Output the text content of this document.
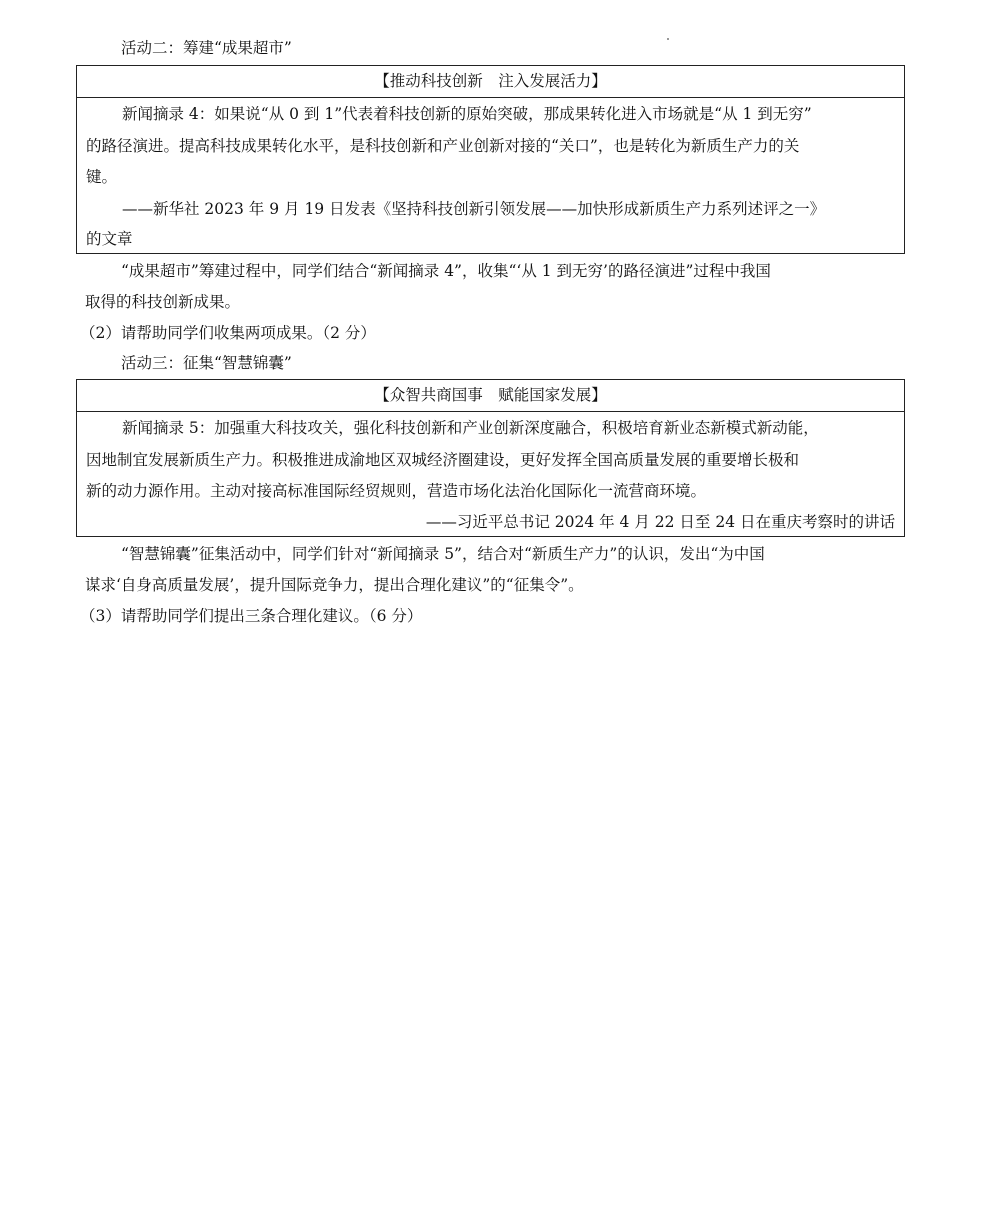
活动二：筹建“成果超市”
【推动科技创新　注入发展活力】
新闻摘录 4：如果说“从 0 到 1”代表着科技创新的原始突破，那成果转化进入市场就是“从 1 到无穷”
的路径演进。提高科技成果转化水平，是科技创新和产业创新对接的“关口”，也是转化为新质生产力的关
键。
——新华社 2023 年 9 月 19 日发表《坚持科技创新引领发展——加快形成新质生产力系列述评之一》
的文章
“成果超市”筹建过程中，同学们结合“新闻摘录 4”，收集“‘从 1 到无穷’的路径演进”过程中我国
取得的科技创新成果。
（2）请帮助同学们收集两项成果。（2 分）
活动三：征集“智慧锦囊”
【众智共商国事　赋能国家发展】
新闻摘录 5：加强重大科技攻关，强化科技创新和产业创新深度融合，积极培育新业态新模式新动能，
因地制宜发展新质生产力。积极推进成渝地区双城经济圈建设，更好发挥全国高质量发展的重要增长极和
新的动力源作用。主动对接高标准国际经贸规则，营造市场化法治化国际化一流营商环境。
——习近平总书记 2024 年 4 月 22 日至 24 日在重庆考察时的讲话
“智慧锦囊”征集活动中，同学们针对“新闻摘录 5”，结合对“新质生产力”的认识，发出“为中国
谋求‘自身高质量发展’，提升国际竞争力，提出合理化建议”的“征集令”。
（3）请帮助同学们提出三条合理化建议。（6 分）
